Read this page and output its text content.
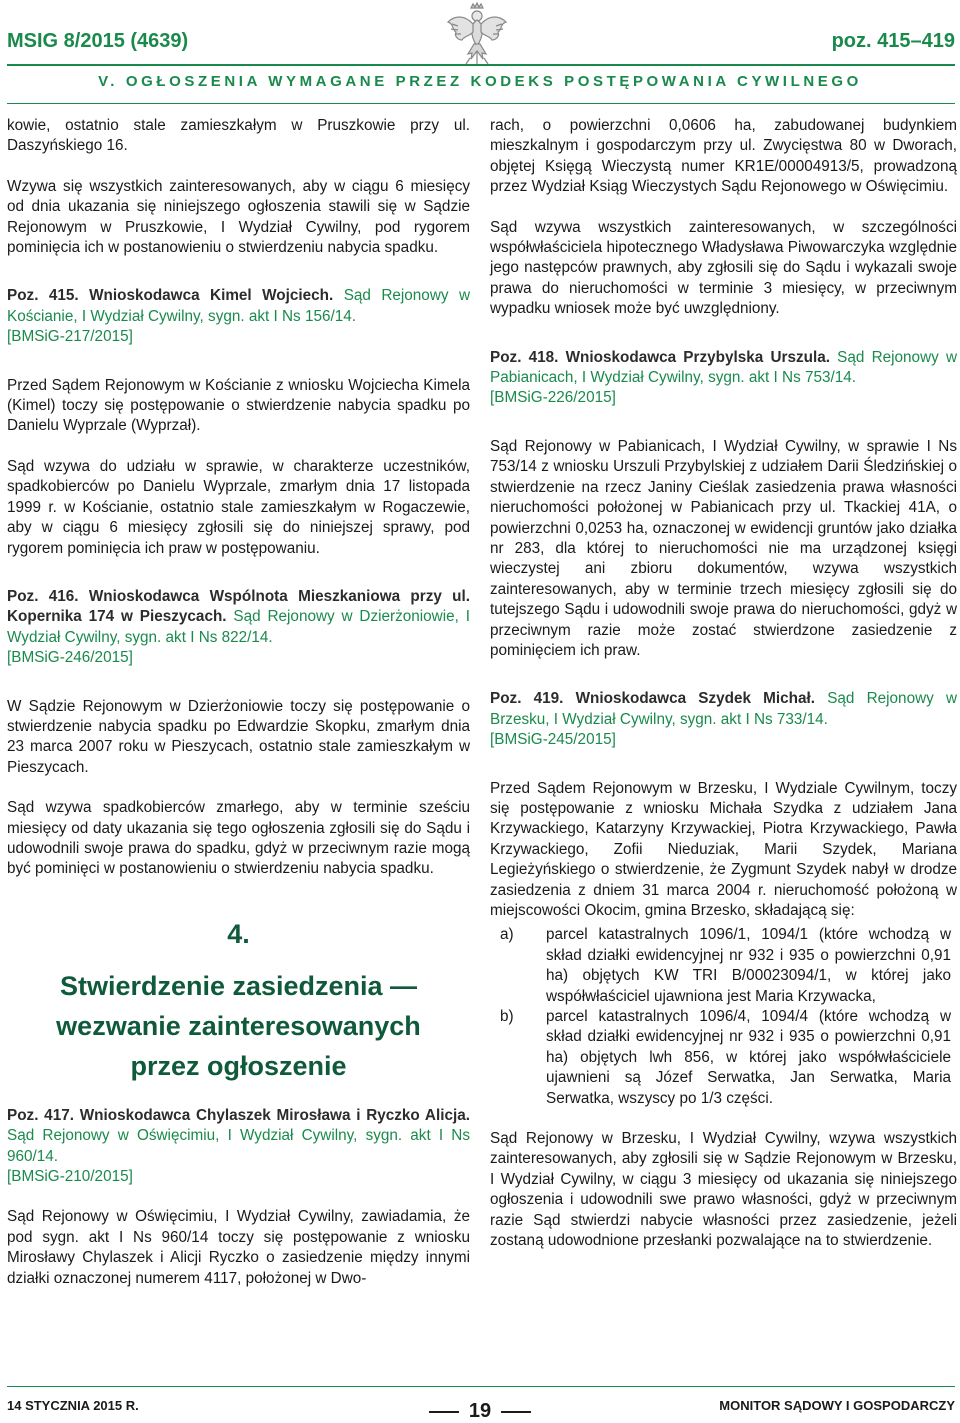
MSIG 8/2015 (4639)	poz. 415–419
V. OGŁOSZENIA WYMAGANE PRZEZ KODEKS POSTĘPOWANIA CYWILNEGO

kowie, ostatnio stale zamieszkałym w Pruszkowie przy ul. Daszyńskiego 16.

Wzywa się wszystkich zainteresowanych, aby w ciągu 6 miesięcy od dnia ukazania się niniejszego ogłoszenia stawili się w Sądzie Rejonowym w Pruszkowie, I Wydział Cywilny, pod rygorem pominięcia ich w postanowieniu o stwierdzeniu nabycia spadku.

Poz. 415. Wnioskodawca Kimel Wojciech. Sąd Rejonowy w Kościanie, I Wydział Cywilny, sygn. akt I Ns 156/14.
[BMSiG-217/2015]

Przed Sądem Rejonowym w Kościanie z wniosku Wojciecha Kimela (Kimel) toczy się postępowanie o stwierdzenie nabycia spadku po Danielu Wyprzale (Wyprzał).

Sąd wzywa do udziału w sprawie, w charakterze uczestników, spadkobierców po Danielu Wyprzale, zmarłym dnia 17 listopada 1999 r. w Kościanie, ostatnio stale zamieszkałym w Rogaczewie, aby w ciągu 6 miesięcy zgłosili się do niniejszej sprawy, pod rygorem pominięcia ich praw w postępowaniu.

Poz. 416. Wnioskodawca Wspólnota Mieszkaniowa przy ul. Kopernika 174 w Pieszycach. Sąd Rejonowy w Dzierżoniowie, I Wydział Cywilny, sygn. akt I Ns 822/14.
[BMSiG-246/2015]

W Sądzie Rejonowym w Dzierżoniowie toczy się postępowanie o stwierdzenie nabycia spadku po Edwardzie Skopku, zmarłym dnia 23 marca 2007 roku w Pieszycach, ostatnio stale zamieszkałym w Pieszycach.

Sąd wzywa spadkobierców zmarłego, aby w terminie sześciu miesięcy od daty ukazania się tego ogłoszenia zgłosili się do Sądu i udowodnili swoje prawa do spadku, gdyż w przeciwnym razie mogą być pominięci w postanowieniu o stwierdzeniu nabycia spadku.

4.
Stwierdzenie zasiedzenia —
wezwanie zainteresowanych
przez ogłoszenie

Poz. 417. Wnioskodawca Chylaszek Mirosława i Ryczko Alicja. Sąd Rejonowy w Oświęcimiu, I Wydział Cywilny, sygn. akt I Ns 960/14.
[BMSiG-210/2015]

Sąd Rejonowy w Oświęcimiu, I Wydział Cywilny, zawiadamia, że pod sygn. akt I Ns 960/14 toczy się postępowanie z wniosku Mirosławy Chylaszek i Alicji Ryczko o zasiedzenie między innymi działki oznaczonej numerem 4117, położonej w Dwo-

rach, o powierzchni 0,0606 ha, zabudowanej budynkiem mieszkalnym i gospodarczym przy ul. Zwycięstwa 80 w Dworach, objętej Księgą Wieczystą numer KR1E/00004913/5, prowadzoną przez Wydział Ksiąg Wieczystych Sądu Rejonowego w Oświęcimiu.

Sąd wzywa wszystkich zainteresowanych, w szczególności współwłaściciela hipotecznego Władysława Piwowarczyka względnie jego następców prawnych, aby zgłosili się do Sądu i wykazali swoje prawa do nieruchomości w terminie 3 miesięcy, w przeciwnym wypadku wniosek może być uwzględniony.

Poz. 418. Wnioskodawca Przybylska Urszula. Sąd Rejonowy w Pabianicach, I Wydział Cywilny, sygn. akt I Ns 753/14.
[BMSiG-226/2015]

Sąd Rejonowy w Pabianicach, I Wydział Cywilny, w sprawie I Ns 753/14 z wniosku Urszuli Przybylskiej z udziałem Darii Śledzińskiej o stwierdzenie na rzecz Janiny Cieślak zasiedzenia prawa własności nieruchomości położonej w Pabianicach przy ul. Tkackiej 41A, o powierzchni 0,0253 ha, oznaczonej w ewidencji gruntów jako działka nr 283, dla której to nieruchomości nie ma urządzonej księgi wieczystej ani zbioru dokumentów, wzywa wszystkich zainteresowanych, aby w terminie trzech miesięcy zgłosili się do tutejszego Sądu i udowodnili swoje prawa do nieruchomości, gdyż w przeciwnym razie może zostać stwierdzone zasiedzenie z pominięciem ich praw.

Poz. 419. Wnioskodawca Szydek Michał. Sąd Rejonowy w Brzesku, I Wydział Cywilny, sygn. akt I Ns 733/14.
[BMSiG-245/2015]

Przed Sądem Rejonowym w Brzesku, I Wydziale Cywilnym, toczy się postępowanie z wniosku Michała Szydka z udziałem Jana Krzywackiego, Katarzyny Krzywackiej, Piotra Krzywackiego, Pawła Krzywackiego, Zofii Nieduziak, Marii Szydek, Mariana Legieżyńskiego o stwierdzenie, że Zygmunt Szydek nabył w drodze zasiedzenia z dniem 31 marca 2004 r. nieruchomość położoną w miejscowości Okocim, gmina Brzesko, składającą się:

a) parcel katastralnych 1096/1, 1094/1 (które wchodzą w skład działki ewidencyjnej nr 932 i 935 o powierzchni 0,91 ha) objętych KW TRI B/00023094/1, w której jako współwłaściciel ujawniona jest Maria Krzywacka,
b) parcel katastralnych 1096/4, 1094/4 (które wchodzą w skład działki ewidencyjnej nr 932 i 935 o powierzchni 0,91 ha) objętych lwh 856, w której jako współwłaściciele ujawnieni są Józef Serwatka, Jan Serwatka, Maria Serwatka, wszyscy po 1/3 części.

Sąd Rejonowy w Brzesku, I Wydział Cywilny, wzywa wszystkich zainteresowanych, aby zgłosili się w Sądzie Rejonowym w Brzesku, I Wydział Cywilny, w ciągu 3 miesięcy od ukazania się niniejszego ogłoszenia i udowodnili swe prawo własności, gdyż w przeciwnym razie Sąd stwierdzi nabycie własności przez zasiedzenie, jeżeli zostaną udowodnione przesłanki pozwalające na to stwierdzenie.

14 STYCZNIA 2015 R.	19	MONITOR SĄDOWY I GOSPODARCZY
